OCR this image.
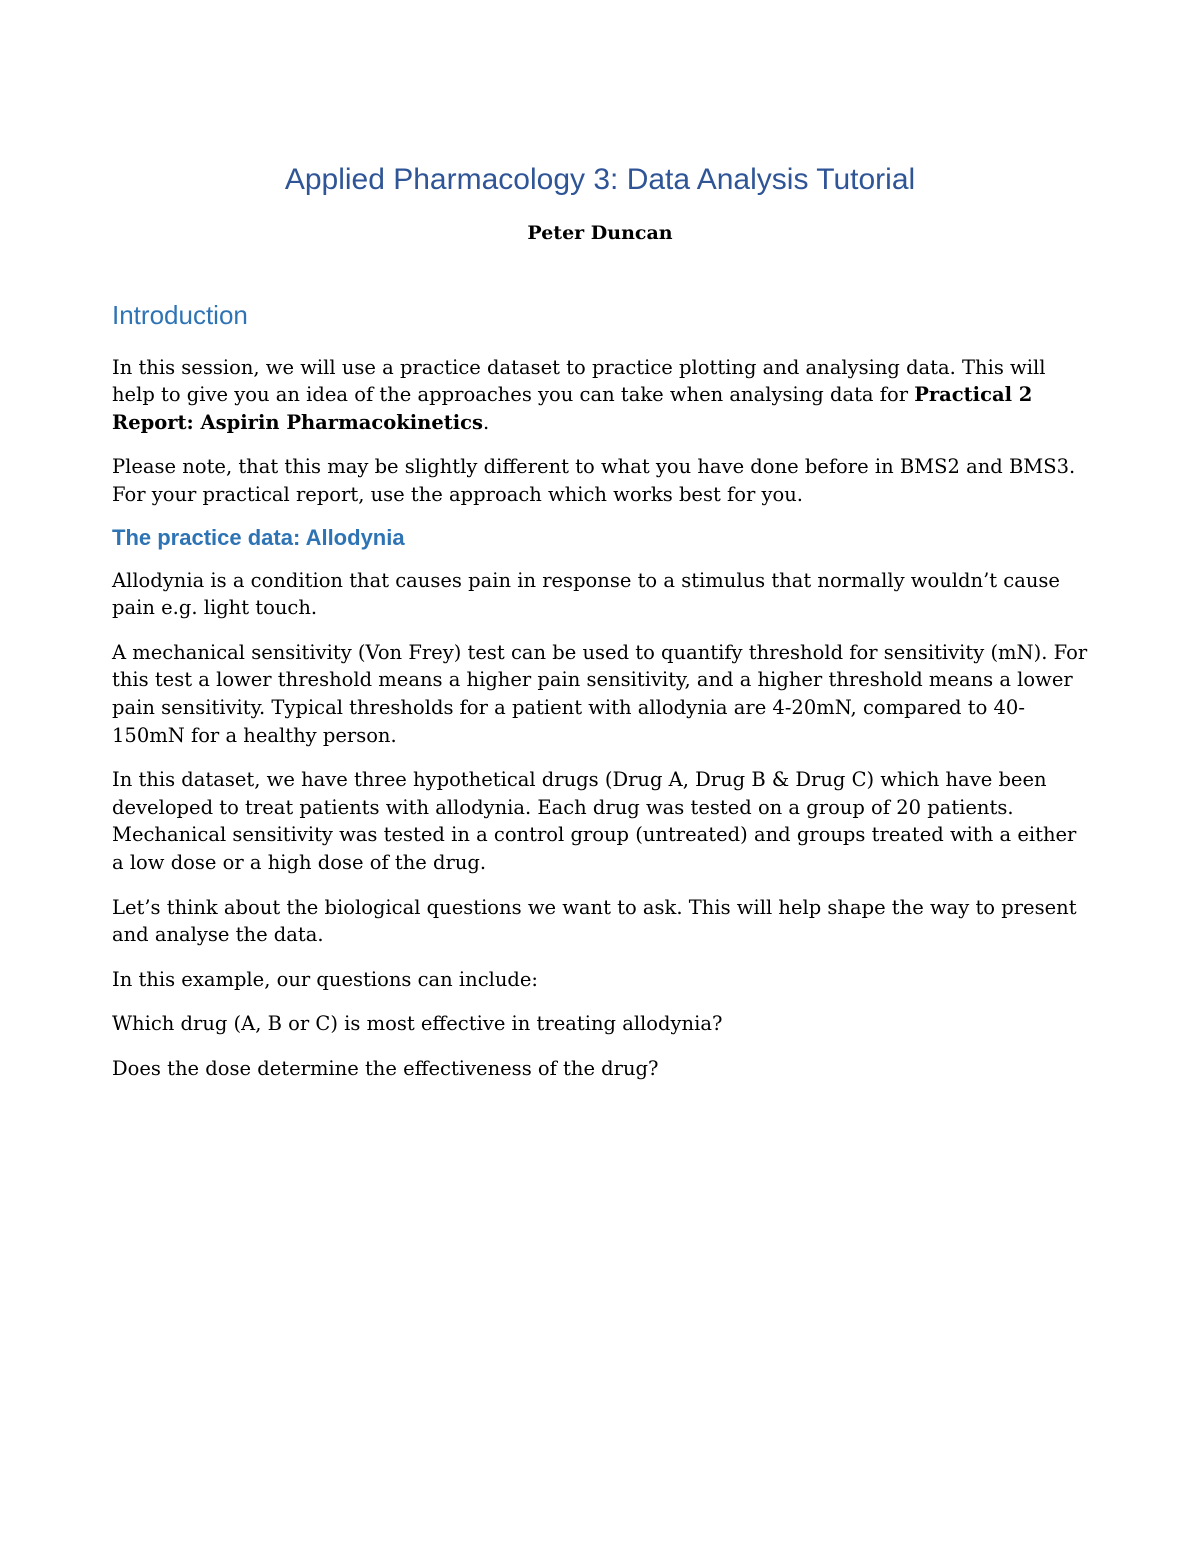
Applied Pharmacology 3: Data Analysis Tutorial
Peter Duncan
Introduction

In this session, we will use a practice dataset to practice plotting and analysing data. This will help to give you an idea of the approaches you can take when analysing data for Practical 2 Report: Aspirin Pharmacokinetics.

Please note, that this may be slightly different to what you have done before in BMS2 and BMS3. For your practical report, use the approach which works best for you.

The practice data: Allodynia

Allodynia is a condition that causes pain in response to a stimulus that normally wouldn’t cause pain e.g. light touch.

A mechanical sensitivity (Von Frey) test can be used to quantify threshold for sensitivity (mN). For this test a lower threshold means a higher pain sensitivity, and a higher threshold means a lower pain sensitivity. Typical thresholds for a patient with allodynia are 4-20mN, compared to 40-150mN for a healthy person.

In this dataset, we have three hypothetical drugs (Drug A, Drug B & Drug C) which have been developed to treat patients with allodynia. Each drug was tested on a group of 20 patients. Mechanical sensitivity was tested in a control group (untreated) and groups treated with a either a low dose or a high dose of the drug.

Let’s think about the biological questions we want to ask. This will help shape the way to present and analyse the data.

In this example, our questions can include:

Which drug (A, B or C) is most effective in treating allodynia?

Does the dose determine the effectiveness of the drug?
